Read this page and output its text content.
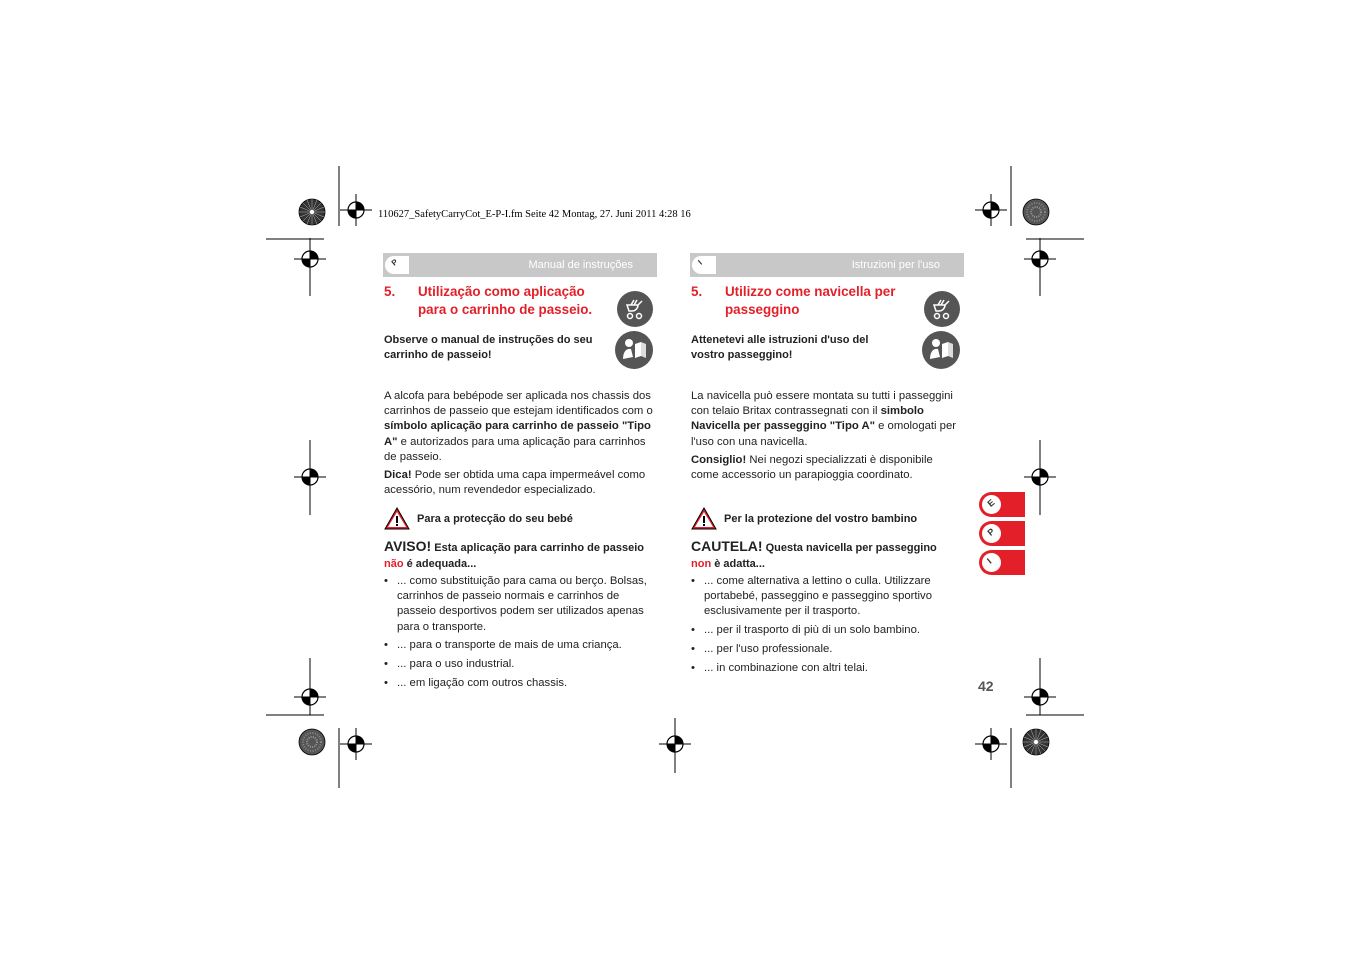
110627_SafetyCarryCot_E-P-I.fm Seite 42 Montag, 27. Juni 2011 4:28 16
P	Manual de instruções
5.	Utilização como aplicação para o carrinho de passeio.

Observe o manual de instruções do seu carrinho de passeio!

A alcofa para bebépode ser aplicada nos chassis dos carrinhos de passeio que estejam identificados com o símbolo aplicação para carrinho de passeio "Tipo A" e autorizados para uma aplicação para carrinhos de passeio.

Dica! Pode ser obtida uma capa impermeável como acessório, num revendedor especializado.

Para a protecção do seu bebé
AVISO! Esta aplicação para carrinho de passeio não é adequada...
• ... como substituição para cama ou berço. Bolsas, carrinhos de passeio normais e carrinhos de passeio desportivos podem ser utilizados apenas para o transporte.
• ... para o transporte de mais de uma criança.
• ... para o uso industrial.
• ... em ligação com outros chassis.
I	Istruzioni per l'uso
5.	Utilizzo come navicella per passeggino

Attenetevi alle istruzioni d'uso del vostro passeggino!

La navicella può essere montata su tutti i passeggini con telaio Britax contrassegnati con il simbolo Navicella per passeggino "Tipo A" e omologati per l'uso con una navicella.

Consiglio! Nei negozi specializzati è disponibile come accessorio un parapioggia coordinato.

Per la protezione del vostro bambino
CAUTELA! Questa navicella per passeggino non è adatta...
• ... come alternativa a lettino o culla. Utilizzare portabebé, passeggino e passeggino sportivo esclusivamente per il trasporto.
• ... per il trasporto di più di un solo bambino.
• ... per l'uso professionale.
• ... in combinazione con altri telai.
E
P
I
42
